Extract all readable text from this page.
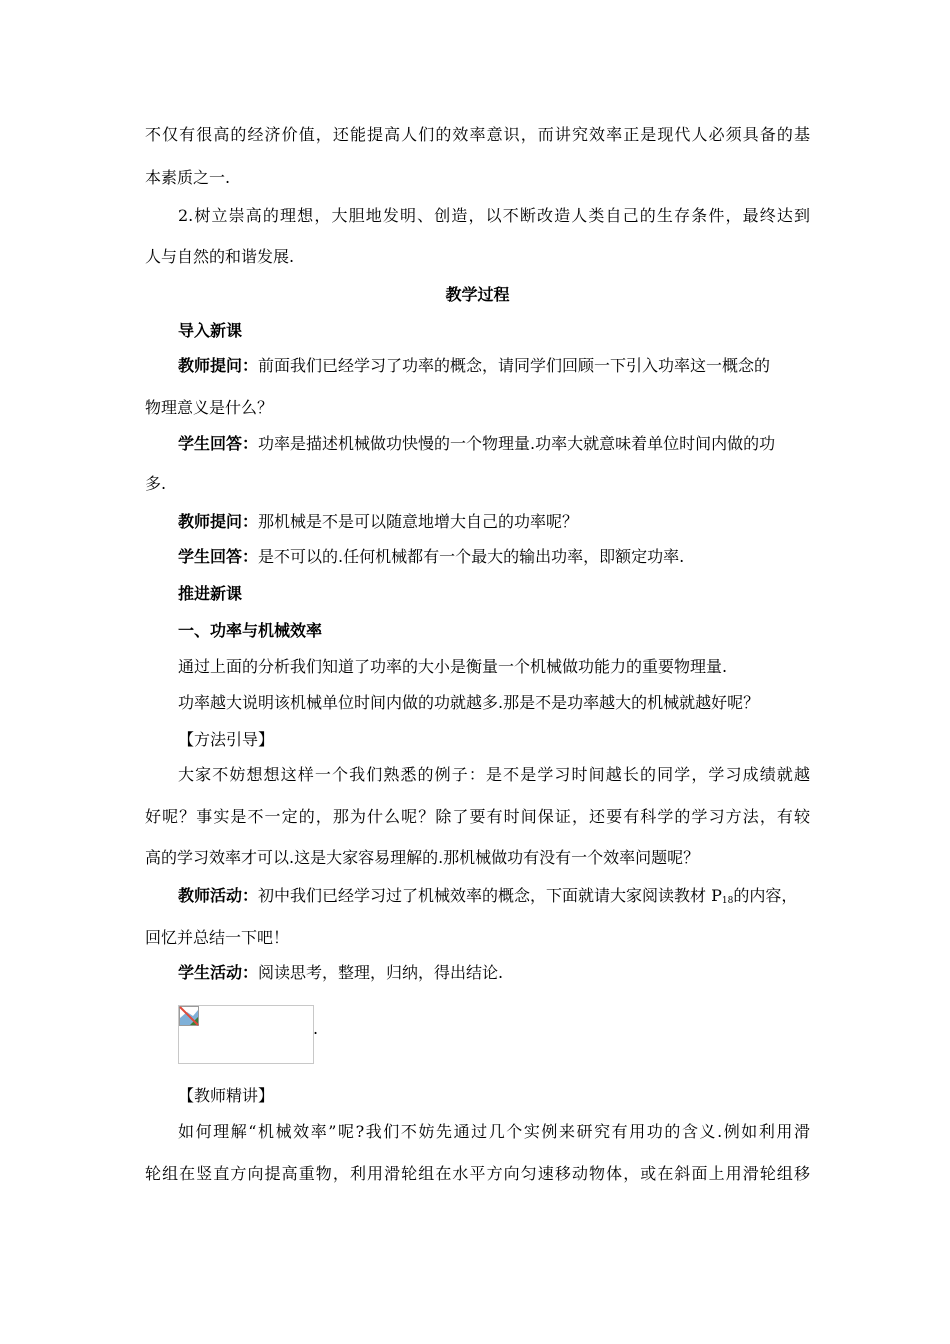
不仅有很高的经济价值，还能提高人们的效率意识，而讲究效率正是现代人必须具备的基
本素质之一.
2.树立崇高的理想，大胆地发明、创造，以不断改造人类自己的生存条件，最终达到
人与自然的和谐发展.
教学过程
导入新课
教师提问：前面我们已经学习了功率的概念，请同学们回顾一下引入功率这一概念的
物理意义是什么？
学生回答：功率是描述机械做功快慢的一个物理量.功率大就意味着单位时间内做的功
多.
教师提问：那机械是不是可以随意地增大自己的功率呢？
学生回答：是不可以的.任何机械都有一个最大的输出功率，即额定功率.
推进新课
一、功率与机械效率
通过上面的分析我们知道了功率的大小是衡量一个机械做功能力的重要物理量.
功率越大说明该机械单位时间内做的功就越多.那是不是功率越大的机械就越好呢？
【方法引导】
大家不妨想想这样一个我们熟悉的例子：是不是学习时间越长的同学，学习成绩就越
好呢？事实是不一定的，那为什么呢？除了要有时间保证，还要有科学的学习方法，有较
高的学习效率才可以.这是大家容易理解的.那机械做功有没有一个效率问题呢？
教师活动：初中我们已经学习过了机械效率的概念，下面就请大家阅读教材 $P_{18}$的内容，
回忆并总结一下吧！
学生活动：阅读思考，整理，归纳，得出结论.
.
【教师精讲】
如何理解“机械效率”呢?我们不妨先通过几个实例来研究有用功的含义.例如利用滑
轮组在竖直方向提高重物，利用滑轮组在水平方向匀速移动物体，或在斜面上用滑轮组移
